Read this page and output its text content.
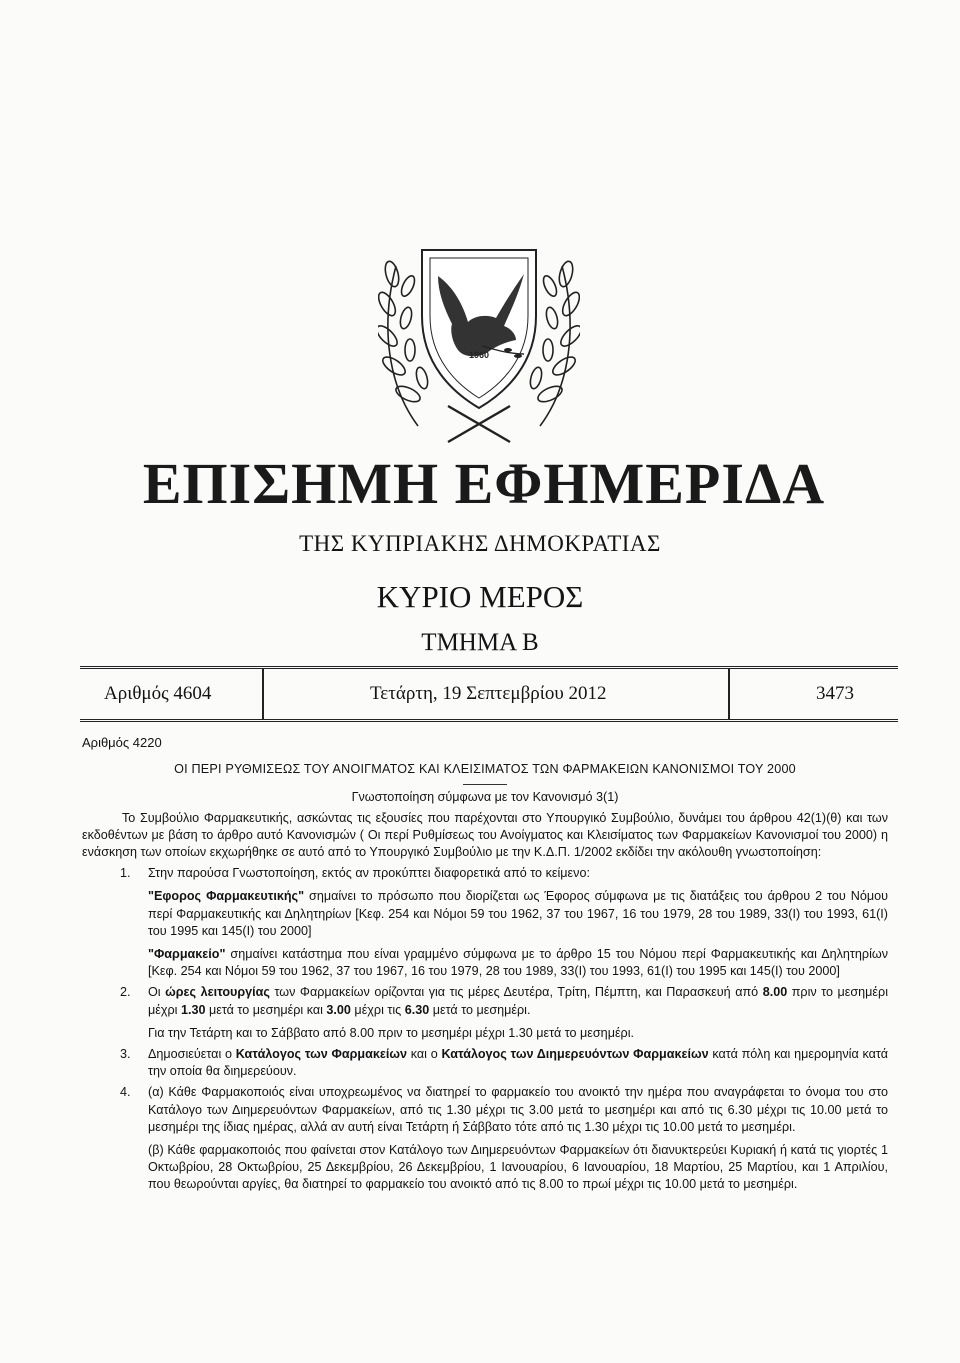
1960
ΕΠΙΣΗΜΗ ΕΦΗΜΕΡΙΔΑ
ΤΗΣ ΚΥΠΡΙΑΚΗΣ ΔΗΜΟΚΡΑΤΙΑΣ
ΚΥΡΙΟ ΜΕΡΟΣ
ΤΜΗΜΑ Β
Αριθμός 4604	Τετάρτη, 19 Σεπτεμβρίου 2012	3473
Αριθμός 4220
ΟΙ ΠΕΡΙ ΡΥΘΜΙΣΕΩΣ ΤΟΥ ΑΝΟΙΓΜΑΤΟΣ ΚΑΙ ΚΛΕΙΣΙΜΑΤΟΣ ΤΩΝ ΦΑΡΜΑΚΕΙΩΝ ΚΑΝΟΝΙΣΜΟΙ ΤΟΥ 2000
Γνωστοποίηση σύμφωνα με τον Κανονισμό 3(1)
Το Συμβούλιο Φαρμακευτικής, ασκώντας τις εξουσίες που παρέχονται στο Υπουργικό Συμβούλιο, δυνάμει του άρθρου 42(1)(θ) και των εκδοθέντων με βάση το άρθρο αυτό Κανονισμών ( Οι περί Ρυθμίσεως του Ανοίγματος και Κλεισίματος των Φαρμακείων Κανονισμοί του 2000) η ενάσκηση των οποίων εκχωρήθηκε σε αυτό από το Υπουργικό Συμβούλιο με την Κ.Δ.Π. 1/2002 εκδίδει την ακόλουθη γνωστοποίηση:
1. Στην παρούσα Γνωστοποίηση, εκτός αν προκύπτει διαφορετικά από το κείμενο:
"Εφορος Φαρμακευτικής" σημαίνει το πρόσωπο που διορίζεται ως Έφορος σύμφωνα με τις διατάξεις του άρθρου 2 του Νόμου περί Φαρμακευτικής και Δηλητηρίων [Κεφ. 254 και Νόμοι 59 του 1962, 37 του 1967, 16 του 1979, 28 του 1989, 33(Ι) του 1993, 61(Ι) του 1995 και 145(Ι) του 2000]
"Φαρμακείο" σημαίνει κατάστημα που είναι γραμμένο σύμφωνα με το άρθρο 15 του Νόμου περί Φαρμακευτικής και Δηλητηρίων [Κεφ. 254 και Νόμοι 59 του 1962, 37 του 1967, 16 του 1979, 28 του 1989, 33(Ι) του 1993, 61(Ι) του 1995 και 145(Ι) του 2000]
2. Οι ώρες λειτουργίας των Φαρμακείων ορίζονται για τις μέρες Δευτέρα, Τρίτη, Πέμπτη, και Παρασκευή από 8.00 πριν το μεσημέρι μέχρι 1.30 μετά το μεσημέρι και 3.00 μέχρι τις 6.30 μετά το μεσημέρι.
Για την Τετάρτη και το Σάββατο από 8.00 πριν το μεσημέρι μέχρι 1.30 μετά το μεσημέρι.
3. Δημοσιεύεται ο Κατάλογος των Φαρμακείων και ο Κατάλογος των Διημερευόντων Φαρμακείων κατά πόλη και ημερομηνία κατά την οποία θα διημερεύουν.
4. (α) Κάθε Φαρμακοποιός είναι υποχρεωμένος να διατηρεί το φαρμακείο του ανοικτό την ημέρα που αναγράφεται το όνομα του στο Κατάλογο των Διημερευόντων Φαρμακείων, από τις 1.30 μέχρι τις 3.00 μετά το μεσημέρι και από τις 6.30 μέχρι τις 10.00 μετά το μεσημέρι της ίδιας ημέρας, αλλά αν αυτή είναι Τετάρτη ή Σάββατο τότε από τις 1.30 μέχρι τις 10.00 μετά το μεσημέρι.
(β) Κάθε φαρμακοποιός που φαίνεται στον Κατάλογο των Διημερευόντων Φαρμακείων ότι διανυκτερεύει Κυριακή ή κατά τις γιορτές 1 Οκτωβρίου, 28 Οκτωβρίου, 25 Δεκεμβρίου, 26 Δεκεμβρίου, 1 Ιανουαρίου, 6 Ιανουαρίου, 18 Μαρτίου, 25 Μαρτίου, και 1 Απριλίου, που θεωρούνται αργίες, θα διατηρεί το φαρμακείο του ανοικτό από τις 8.00 το πρωί μέχρι τις 10.00 μετά το μεσημέρι.
